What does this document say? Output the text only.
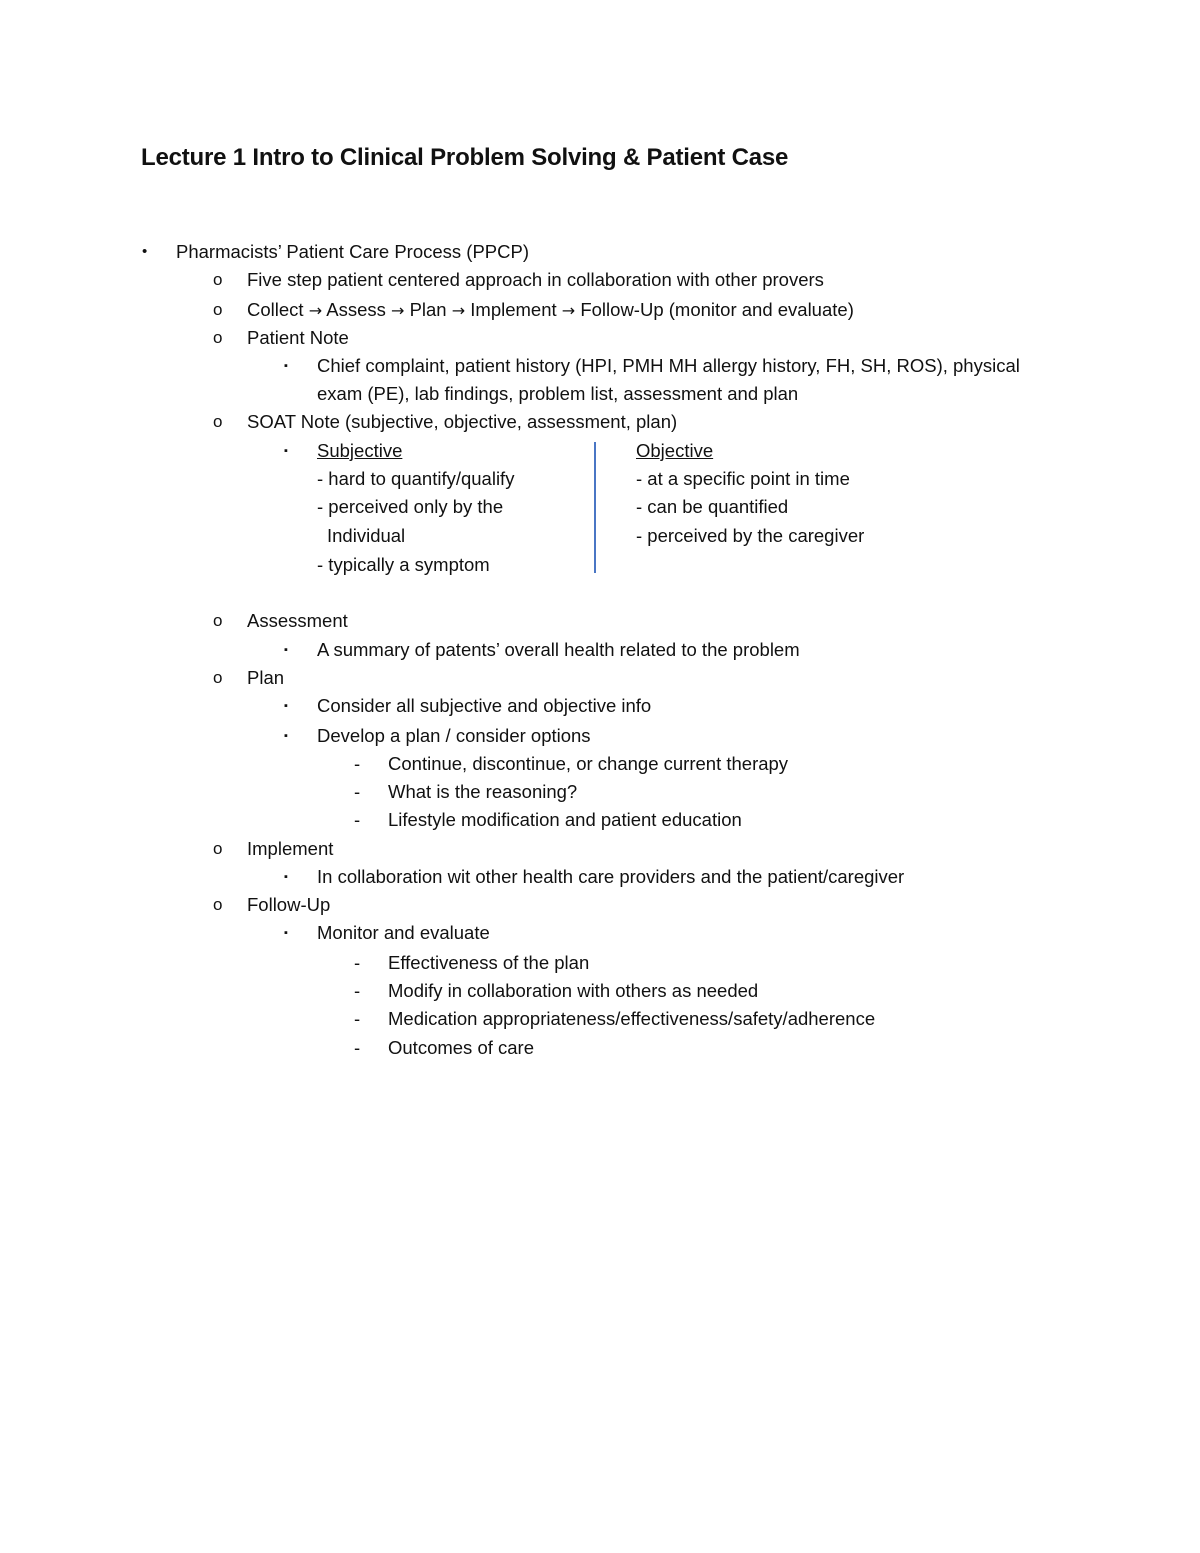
Lecture 1 Intro to Clinical Problem Solving & Patient Case
• Pharmacists’ Patient Care Process (PPCP)
o Five step patient centered approach in collaboration with other provers
o Collect → Assess → Plan → Implement → Follow-Up (monitor and evaluate)
o Patient Note
▪ Chief complaint, patient history (HPI, PMH MH allergy history, FH, SH, ROS), physical
exam (PE), lab findings, problem list, assessment and plan
o SOAT Note (subjective, objective, assessment, plan)
▪ Subjective
- hard to quantify/qualify
- perceived only by the
Individual
- typically a symptom
Objective
- at a specific point in time
- can be quantified
- perceived by the caregiver
o Assessment
▪ A summary of patents’ overall health related to the problem
o Plan
▪ Consider all subjective and objective info
▪ Develop a plan / consider options
- Continue, discontinue, or change current therapy
- What is the reasoning?
- Lifestyle modification and patient education
o Implement
▪ In collaboration wit other health care providers and the patient/caregiver
o Follow-Up
▪ Monitor and evaluate
- Effectiveness of the plan
- Modify in collaboration with others as needed
- Medication appropriateness/effectiveness/safety/adherence
- Outcomes of care
